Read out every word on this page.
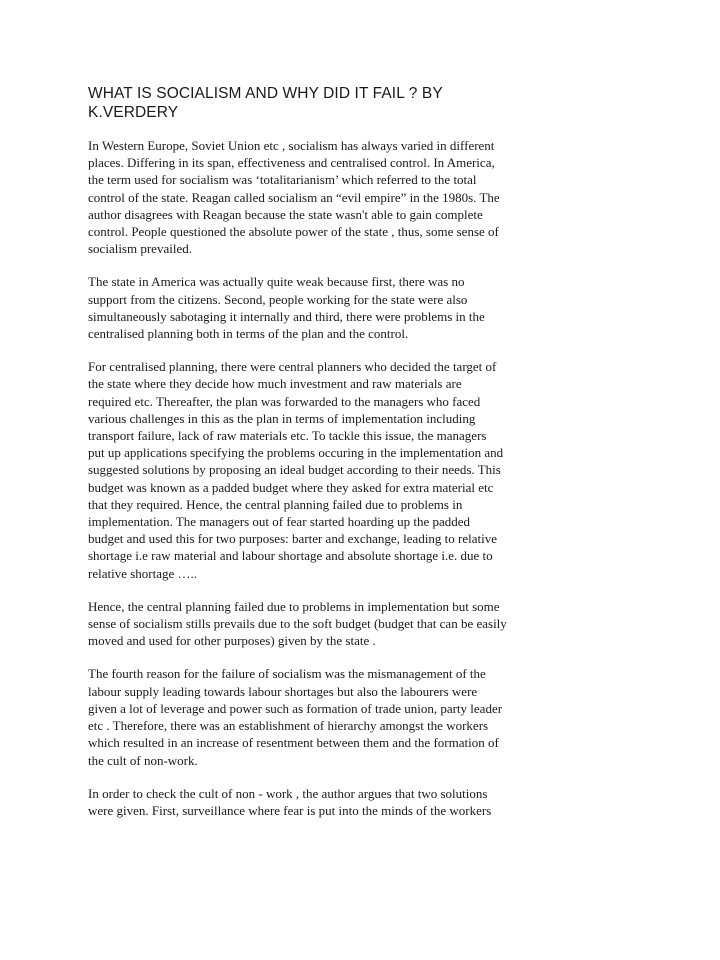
WHAT IS SOCIALISM AND WHY DID IT FAIL ? BY
K.VERDERY

In Western Europe, Soviet Union etc , socialism has always varied in different
places. Differing in its span, effectiveness and centralised control. In America,
the term used for socialism was ‘totalitarianism’ which referred to the total
control of the state. Reagan called socialism an “evil empire” in the 1980s. The
author disagrees with Reagan because the state wasn't able to gain complete
control. People questioned the absolute power of the state , thus, some sense of
socialism prevailed.

The state in America was actually quite weak because first, there was no
support from the citizens. Second, people working for the state were also
simultaneously sabotaging it internally and third, there were problems in the
centralised planning both in terms of the plan and the control.

For centralised planning, there were central planners who decided the target of
the state where they decide how much investment and raw materials are
required etc. Thereafter, the plan was forwarded to the managers who faced
various challenges in this as the plan in terms of implementation including
transport failure, lack of raw materials etc. To tackle this issue, the managers
put up applications specifying the problems occuring in the implementation and
suggested solutions by proposing an ideal budget according to their needs. This
budget was known as a padded budget where they asked for extra material etc
that they required. Hence, the central planning failed due to problems in
implementation. The managers out of fear started hoarding up the padded
budget and used this for two purposes: barter and exchange, leading to relative
shortage i.e raw material and labour shortage and absolute shortage i.e. due to
relative shortage …..

Hence, the central planning failed due to problems in implementation but some
sense of socialism stills prevails due to the soft budget (budget that can be easily
moved and used for other purposes) given by the state .

The fourth reason for the failure of socialism was the mismanagement of the
labour supply leading towards labour shortages but also the labourers were
given a lot of leverage and power such as formation of trade union, party leader
etc . Therefore, there was an establishment of hierarchy amongst the workers
which resulted in an increase of resentment between them and the formation of
the cult of non-work.

In order to check the cult of non - work , the author argues that two solutions
were given. First, surveillance where fear is put into the minds of the workers
